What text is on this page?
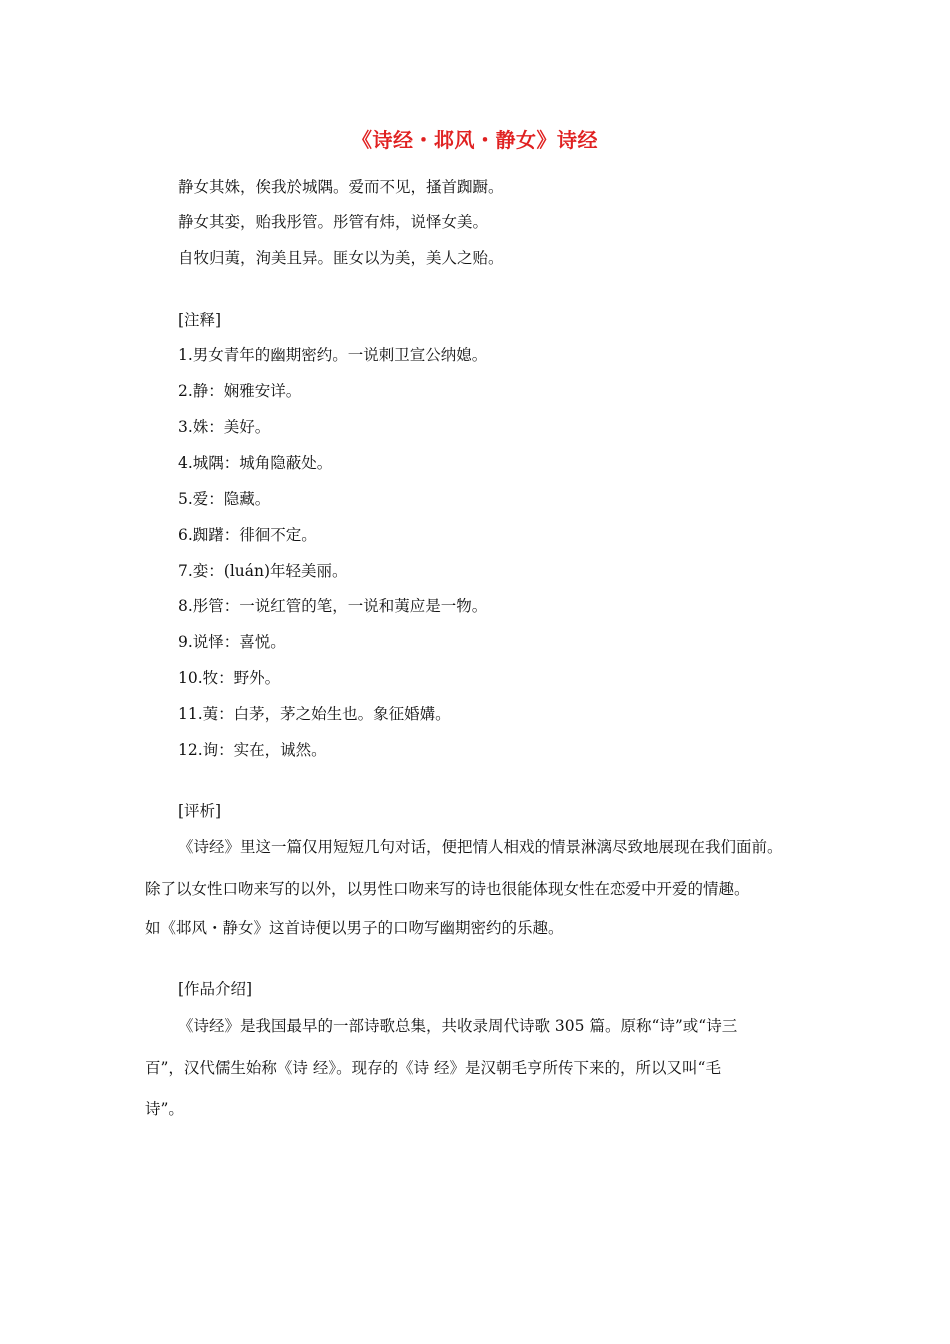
《诗经・邶风・静女》诗经
静女其姝，俟我於城隅。爱而不见，搔首踟蹰。
静女其娈，贻我彤管。彤管有炜，说怿女美。
自牧归荑，洵美且异。匪女以为美，美人之贻。
[注释]
1.男女青年的幽期密约。一说刺卫宣公纳媳。
2.静：娴雅安详。
3.姝：美好。
4.城隅：城角隐蔽处。
5.爱：隐藏。
6.踟躇：徘徊不定。
7.娈：(luán)年轻美丽。
8.彤管：一说红管的笔，一说和荑应是一物。
9.说怿：喜悦。
10.牧：野外。
11.荑：白茅，茅之始生也。象征婚媾。
12.询：实在，诚然。
[评析]
《诗经》里这一篇仅用短短几句对话，便把情人相戏的情景淋漓尽致地展现在我们面前。
除了以女性口吻来写的以外，以男性口吻来写的诗也很能体现女性在恋爱中开爱的情趣。
如《邶风・静女》这首诗便以男子的口吻写幽期密约的乐趣。
[作品介绍]
《诗经》是我国最早的一部诗歌总集，共收录周代诗歌 305 篇。原称“诗”或“诗三
百”，汉代儒生始称《诗 经》。现存的《诗 经》是汉朝毛亨所传下来的，所以又叫“毛
诗”。
